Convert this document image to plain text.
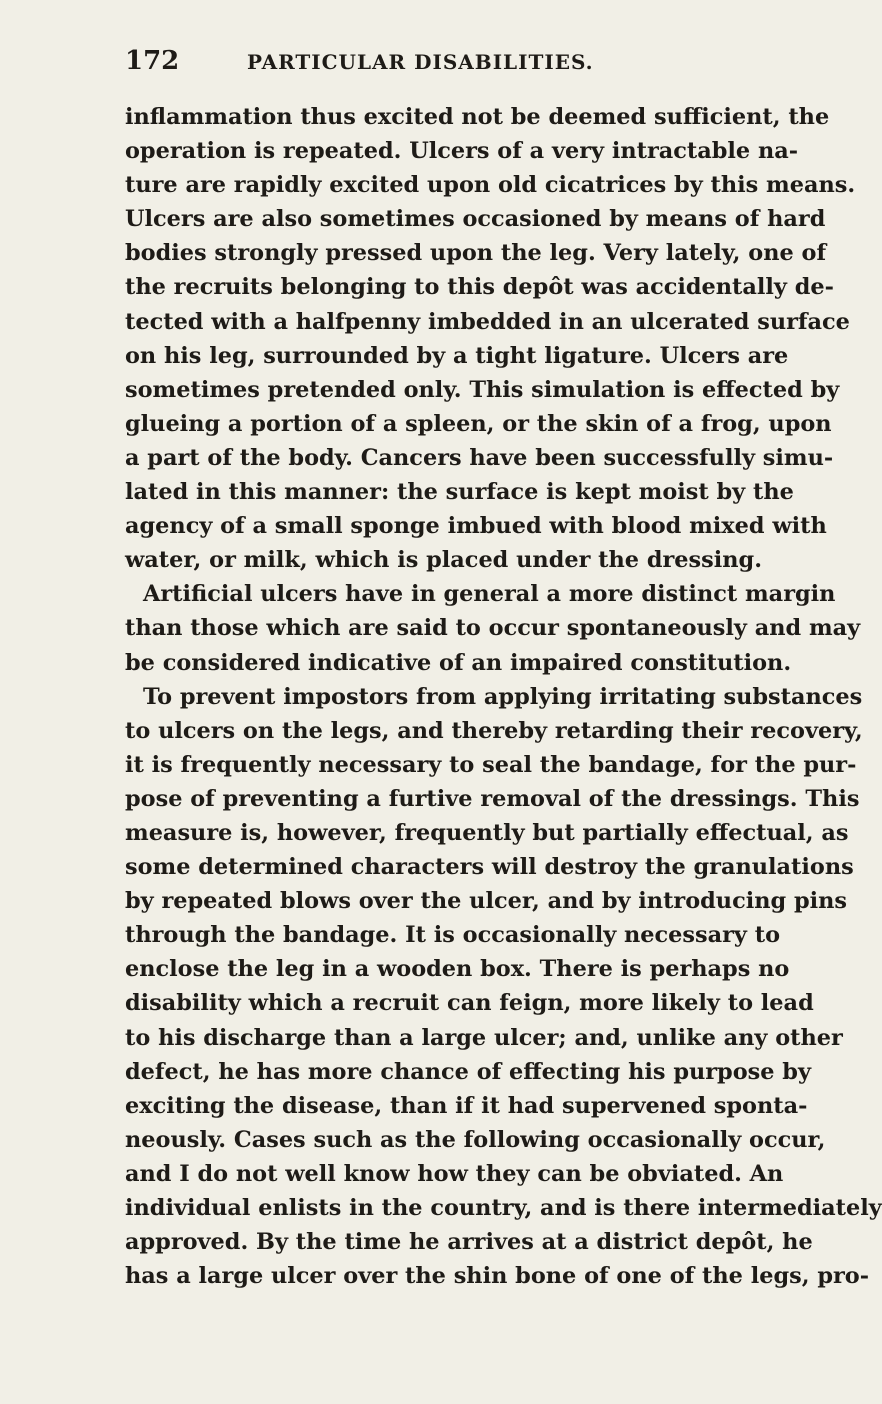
172	PARTICULAR DISABILITIES.
inflammation thus excited not be deemed sufficient, the
operation is repeated. Ulcers of a very intractable na-
ture are rapidly excited upon old cicatrices by this means.
Ulcers are also sometimes occasioned by means of hard
bodies strongly pressed upon the leg. Very lately, one of
the recruits belonging to this depôt was accidentally de-
tected with a halfpenny imbedded in an ulcerated surface
on his leg, surrounded by a tight ligature. Ulcers are
sometimes pretended only. This simulation is effected by
glueing a portion of a spleen, or the skin of a frog, upon
a part of the body. Cancers have been successfully simu-
lated in this manner: the surface is kept moist by the
agency of a small sponge imbued with blood mixed with
water, or milk, which is placed under the dressing.
Artificial ulcers have in general a more distinct margin
than those which are said to occur spontaneously and may
be considered indicative of an impaired constitution.
To prevent impostors from applying irritating substances
to ulcers on the legs, and thereby retarding their recovery,
it is frequently necessary to seal the bandage, for the pur-
pose of preventing a furtive removal of the dressings. This
measure is, however, frequently but partially effectual, as
some determined characters will destroy the granulations
by repeated blows over the ulcer, and by introducing pins
through the bandage. It is occasionally necessary to
enclose the leg in a wooden box. There is perhaps no
disability which a recruit can feign, more likely to lead
to his discharge than a large ulcer; and, unlike any other
defect, he has more chance of effecting his purpose by
exciting the disease, than if it had supervened sponta-
neously. Cases such as the following occasionally occur,
and I do not well know how they can be obviated. An
individual enlists in the country, and is there intermediately
approved. By the time he arrives at a district depôt, he
has a large ulcer over the shin bone of one of the legs, pro-
